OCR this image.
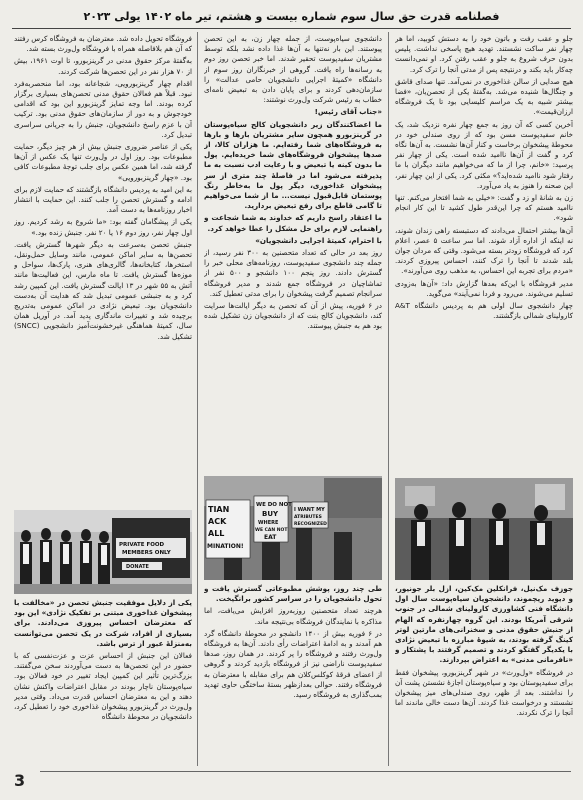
فصلنامه قدرت حق سال سوم شماره بیست و هشتم، تیر ماه ۱۴۰۲ یولی ۲۰۲۳

جلو و عقب رفت و باتون خود را به دستش کوبید، اما هر چهار نفر ساکت نشستند. تهدید هیچ پاسخی نداشت. پلیس بدون حرف شروع به جلو و عقب رفتن کرد. او نمی‌دانست چه‌کار باید بکند و درنتیجه پس از مدتی آنجا را ترک کرد.

هیچ صدایی از سالن غذاخوری در نمی‌آمد. تنها صدای قاشق و چنگال‌ها شنیده می‌شد. به‌گفتهٔ یکی از تحصن‌یان، «فضا بیشتر شبیه به یک مراسم کلیسایی بود تا یک فروشگاه ارزان‌قیمت».

آخرین کسی که آن روز به جمع چهار نفره نزدیک شد، یک خانم سفیدپوست مسن بود که از روی صندلی خود در محوطهٔ پیشخوان برخاست و کنار آن‌ها نشست. به آن‌ها نگاه کرد و گفت از آن‌ها ناامید شده است. یکی از چهار نفر پرسید: «خانم، چرا از ما که می‌خواهیم مانند دیگران با ما رفتار شود ناامید شده‌اید؟» مکثی کرد. یکی از این چهار نفر، این صحنه را هنوز به یاد می‌آورد.

زن به شانهٔ او زد و گفت: «خیلی به شما افتخار می‌کنم. تنها ناامید هستم که چرا این‌قدر طول کشید تا این کار انجام شود».

آن‌ها بیشتر احتمال می‌دادند که دستبسته راهی زندان شوند، نه اینکه از اداره آزاد شوند. اما سر ساعت ۵ عصر، اعلام کرد که فروشگاه زودتر بسته می‌شود. وقتی که مردان جوان بلند شدند تا آنجا را ترک کنند، احساس پیروزی کردند. «مردم برای تجربه این احساس، به مذهب روی می‌آورند».

مدیر فروشگاه با این‌که بعدها گزارش داد: «آن‌ها به‌زودی تسلیم می‌شوند. می‌رود و فردا نمی‌آیند» می‌گوید.

چهار دانشجوی سال اولی هم به پردیس دانشگاه A&T کارولینای شمالی بازگشتند.

جوزف مک‌نیل، فرانکلین مک‌کین، ازل بلر جونیور، و دیوید ریچموند، دانشجویان سیاه‌پوست سال اول دانشگاه فنی کشاورزی کارولینای شمالی در جنوب شرقی آمریکا بودند. این گروه چهارنفره که الهام از جنبش حقوق مدنی و سخنرانی‌های مارتین لوتر کینگ گرفته بودند، به شیوهٔ مبارزه با تبعیض نژادی با یکدیگر گفتگو کردند و تصمیم گرفتند با پشتکار و «نافرمانی مدنی» به اعتراض بپردازند.

در فروشگاه «ول‌ورث» در شهر گرینزبورو، پیشخوان فقط برای سفیدپوستان بود و سیاه‌پوستان اجازهٔ نشستن پشت آن را نداشتند. بعد از ظهر، روی صندلی‌های میز پیشخوان نشستند و درخواست غذا کردند. آن‌ها دست خالی ماندند اما آنجا را ترک نکردند.

دانشجوی سیاه‌پوست، از جمله چهار زن، به این تحصن پیوستند. این بار نه‌تنها به آن‌ها غذا داده نشد بلکه توسط مشتریان سفیدپوست تحقیر شدند. اما خبر تحصن روز دوم به رسانه‌ها راه یافت. گروهی از خبرنگاران روز سوم از دانشگاه «کمیتهٔ اجرایی دانشجویان حامی عدالت» را سازمان‌دهی کردند و برای پایان دادن به تبعیض نامه‌ای خطاب به رئیس شرکت ول‌ورث نوشتند:

«جناب آقای رئیس!

ما اعضاکنندگان زیر دانشجویان کالج سیاه‌پوستان در گرینزبورو همچون سایر مشتریان بارها و بارها به فروشگاه‌های شما رفته‌ایم. ما هزاران کالا، از صدها پیشخوان فروشگاه‌های شما خریده‌ایم. پول ما بدون کینه یا تبعیض و با رعایت ادب نسبت به ما پذیرفته می‌شود اما در فاصلهٔ چند متری از سر پیشخوان غذاخوری، دیگر پول ما به‌خاطر رنگ پوستمان قابل‌قبول نیست... ما از شما می‌خواهیم تا گامی قاطع برای رفع تبعیض بردارید.

ما اعتقاد راسخ داریم که خداوند به شما شجاعت و راهنمایی لازم برای حل مشکل را عطا خواهد کرد.

با احترام، کمیتهٔ اجرایی دانشجویان»

روز بعد در حالی که تعداد متحصنین به ۳۰۰ نفر رسید، از جمله چند دانشجوی سفیدپوست، روزنامه‌های محلی خبر را گسترش دادند. روز پنجم ۱۰۰ دانشجو و ۵۰۰ نفر از تماشاچیان در فروشگاه جمع شدند و مدیر فروشگاه سرانجام تصمیم گرفت پیشخوان را برای مدتی تعطیل کند.

در ۶ فوریه، پیش از آن که تحصن به دیگر ایالت‌ها سرایت کند، دانشجویان کالج بنت که از دانشجویان زن تشکیل شده بود هم به جنبش پیوستند.

TIAN
ACK
ALL
MINATION!
WE DO NOT
BUY
WHERE
WE CAN NOT
EAT
I WANT MY
ATRIBUTES
RECOGNIZED

طی چند روز، پوشش مطبوعاتی گسترش یافت و تحول دانشجویان را در سراسر کشور برانگیخت.

هرچند تعداد متحصنین روزبه‌روز افزایش می‌یافت، اما مذاکره با نمایندگان فروشگاه بی‌نتیجه ماند.

در ۶ فوریه بیش از ۱۴۰۰ دانشجو در محوطهٔ دانشگاه گرد هم آمدند و به ادامهٔ اعتراضات رأی دادند. آن‌ها به فروشگاه ول‌ورث رفتند و فروشگاه را پر کردند. در همان روز، صدها سفیدپوست ناراضی نیز از فروشگاه بازدید کردند و گروهی از اعضای فرقهٔ کوکلس‌کلان هم برای مقابله با معترضان به فروشگاه رفتند. حوالی بعدازظهر بستهٔ ساختگی حاوی تهدید بمب‌گذاری به فروشگاه رسید.

فروشگاه تحویل داده شد. معترضان به فروشگاه کرس رفتند که آن هم بلافاصله همراه با فروشگاه ول‌ورث بسته شد.

به‌گفتهٔ مرکز حقوق مدنی در گرینزبورو، تا اوت ۱۹۶۱، بیش از ۷۰ هزار نفر در این تحصن‌ها شرکت کردند.

اقدام چهار گرینزبورویی، شجاعانه بود، اما منحصربه‌فرد نبود. قبلاً هم فعالان حقوق مدنی تحصن‌های بسیاری برگزار کرده بودند. اما وجه تمایز گرینزبورو این بود که اقدامی خودجوش و به دور از سازمان‌های حقوق مدنی بود. ترکیب آن با عزم راسخ دانشجویان، جنبش را به جریانی سراسری تبدیل کرد.

یکی از عناصر ضروری جنبش بیش از هر چیز دیگر، حمایت مطبوعات بود. روز اول در ول‌ورث تنها یک عکس از آن‌ها گرفته شد، اما همین عکس برای جلب توجهٔ مطبوعات کافی بود. «چهار گرینزبورویی»

به این امید به پردیس دانشگاه بازگشتند که حمایت لازم برای ادامه و گسترش تحصن را جلب کنند. این حمایت با انتشار اخبار روزنامه‌ها به دست آمد.

یکی از پیشگامان گفته بود: «ما شروع به رشد کردیم. روز اول چهار نفر، روز دوم ۱۶ یا ۲۰ نفر. جنبش زنده بود.»

جنبش تحصن به‌سرعت به دیگر شهرها گسترش یافت. تحصن‌ها به سایر اماکن عمومی، مانند وسایل حمل‌ونقل، استخرها، کتابخانه‌ها، گالری‌های هنری، پارک‌ها، سواحل و موزه‌ها گسترش یافت. تا ماه مارس، این فعالیت‌ها مانند آتش به ۵۵ شهر در ۱۳ ایالت گسترش یافت. این کمپین رشد کرد و به جنبشی عمومی تبدیل شد که هدایت آن به‌دست دانشجویان بود. تبعیض نژادی در اماکن عمومی به‌تدریج برچیده شد و تغییرات ماندگاری پدید آمد. در آوریل همان سال، کمیتهٔ هماهنگی غیرخشونت‌آمیز دانشجویی (SNCC) تشکیل شد.

PRIVATE FOOD
MEMBERS ONLY
DONATE

یکی از دلایل موفقیت جنبش تحصن در «مخالفت با پیشخوان غذاخوری مبتنی بر تفکیک نژادی» این بود که معترضان احساس پیروزی می‌دادند. برای بسیاری از افراد، شرکت در یک تحصن می‌توانست به‌منزلهٔ عبور از ترس باشد.

فعالان این جنبش از احساس عزت و عزت‌نفسی که با حضور در این تحصن‌ها به دست می‌آوردند سخن می‌گفتند. بزرگ‌ترین تأثیر این کمپین ایجاد تغییر در خود فعالان بود. سیاه‌پوستان ناچار بودند در مقابل اعتراضات واکنش نشان دهند و این به معترضان احساس قدرت می‌داد. وقتی مدیر ول‌ورث در گرینزبورو پیشخوان غذاخوری خود را تعطیل کرد، دانشجویان در محوطهٔ دانشگاه

3
